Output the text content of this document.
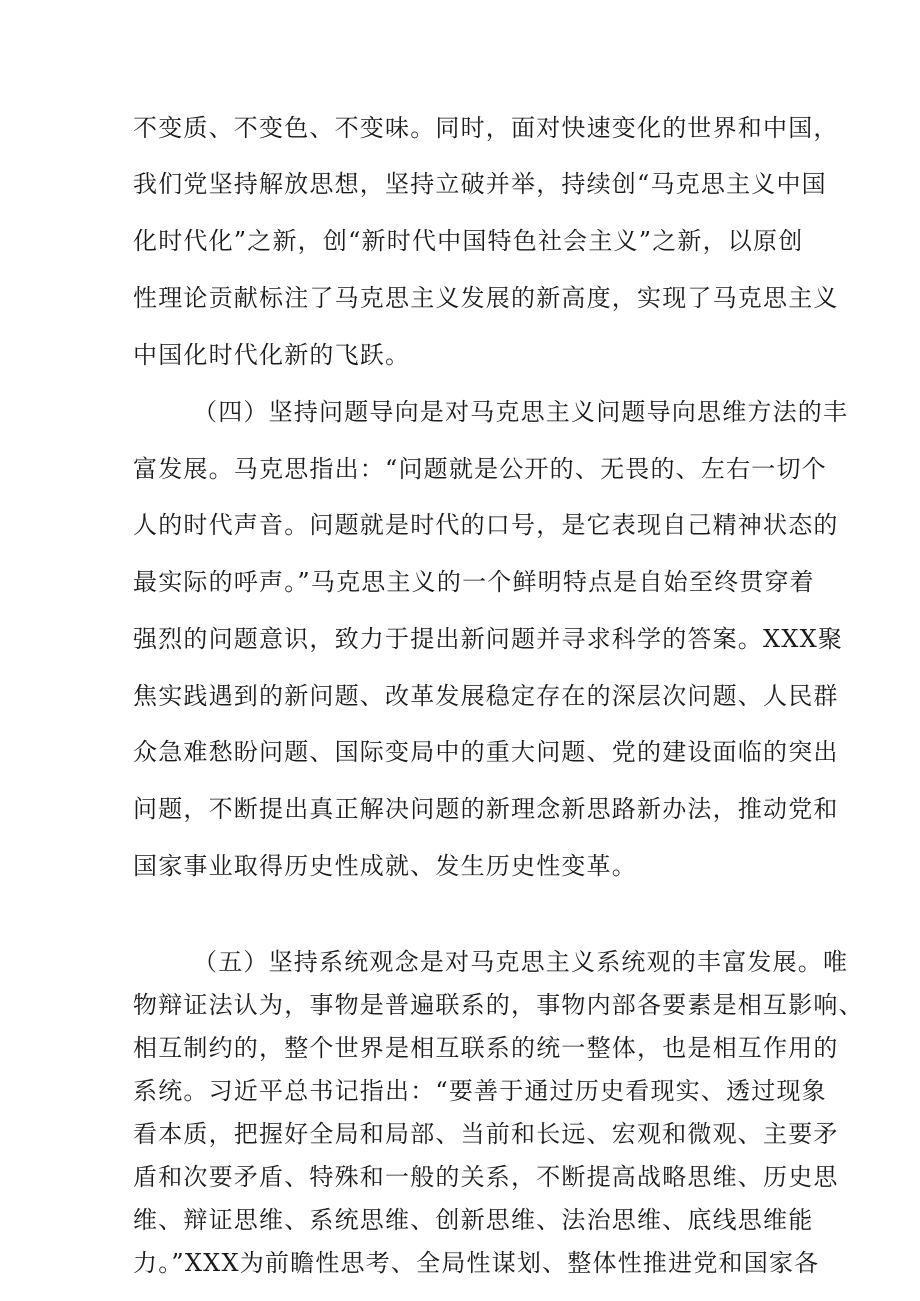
不变质、不变色、不变味。同时，面对快速变化的世界和中国，
我们党坚持解放思想，坚持立破并举，持续创“马克思主义中国
化时代化”之新，创“新时代中国特色社会主义”之新，以原创
性理论贡献标注了马克思主义发展的新高度，实现了马克思主义
中国化时代化新的飞跃。
（四）坚持问题导向是对马克思主义问题导向思维方法的丰
富发展。马克思指出：“问题就是公开的、无畏的、左右一切个
人的时代声音。问题就是时代的口号，是它表现自己精神状态的
最实际的呼声。”马克思主义的一个鲜明特点是自始至终贯穿着
强烈的问题意识，致力于提出新问题并寻求科学的答案。XXX聚
焦实践遇到的新问题、改革发展稳定存在的深层次问题、人民群
众急难愁盼问题、国际变局中的重大问题、党的建设面临的突出
问题，不断提出真正解决问题的新理念新思路新办法，推动党和
国家事业取得历史性成就、发生历史性变革。
（五）坚持系统观念是对马克思主义系统观的丰富发展。唯
物辩证法认为，事物是普遍联系的，事物内部各要素是相互影响、
相互制约的，整个世界是相互联系的统一整体，也是相互作用的
系统。习近平总书记指出：“要善于通过历史看现实、透过现象
看本质，把握好全局和局部、当前和长远、宏观和微观、主要矛
盾和次要矛盾、特殊和一般的关系，不断提高战略思维、历史思
维、辩证思维、系统思维、创新思维、法治思维、底线思维能
力。”XXX为前瞻性思考、全局性谋划、整体性推进党和国家各
